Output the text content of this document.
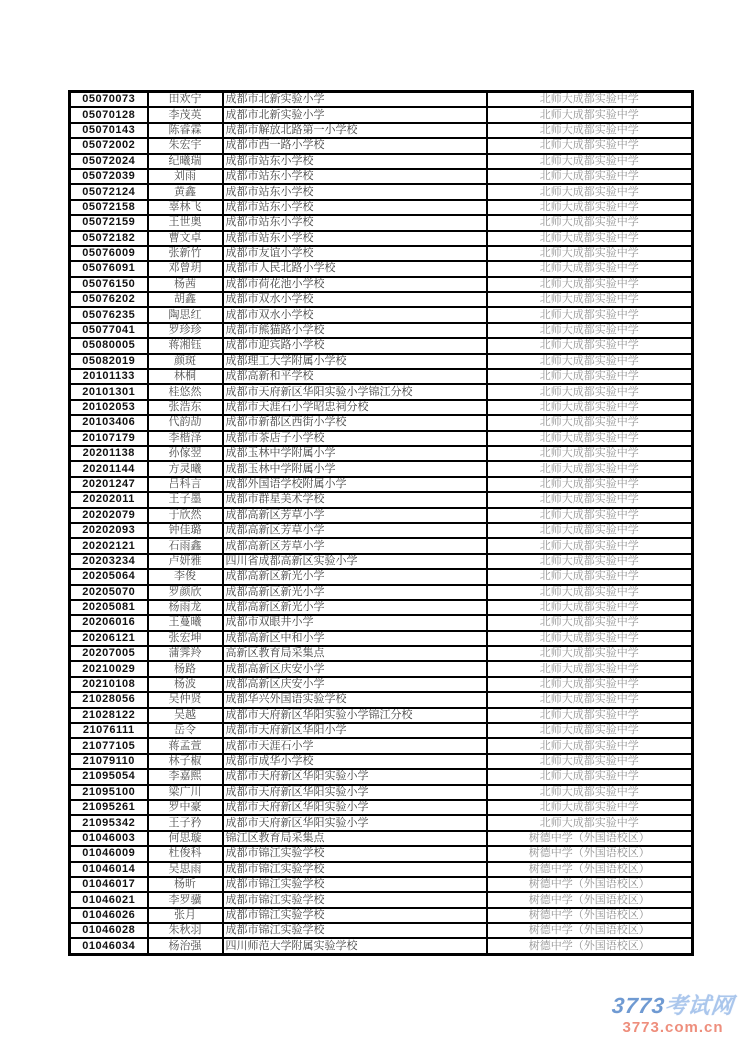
05070073	田欢宁	成都市北新实验小学	北师大成都实验中学
05070128	李茂英	成都市北新实验小学	北师大成都实验中学
05070143	陈睿霖	成都市解放北路第一小学校	北师大成都实验中学
05072002	朱宏宇	成都市西一路小学校	北师大成都实验中学
05072024	纪曦瑞	成都市站东小学校	北师大成都实验中学
05072039	刘雨	成都市站东小学校	北师大成都实验中学
05072124	黄鑫	成都市站东小学校	北师大成都实验中学
05072158	辜林飞	成都市站东小学校	北师大成都实验中学
05072159	王世奥	成都市站东小学校	北师大成都实验中学
05072182	曹文卓	成都市站东小学校	北师大成都实验中学
05076009	张新竹	成都市友谊小学校	北师大成都实验中学
05076091	邓曾玥	成都市人民北路小学校	北师大成都实验中学
05076150	杨茜	成都市荷花池小学校	北师大成都实验中学
05076202	胡鑫	成都市双水小学校	北师大成都实验中学
05076235	陶思红	成都市双水小学校	北师大成都实验中学
05077041	罗珍珍	成都市熊猫路小学校	北师大成都实验中学
05080005	蒋湘钰	成都市迎宾路小学校	北师大成都实验中学
05082019	颜斑	成都理工大学附属小学校	北师大成都实验中学
20101133	林桐	成都高新和平学校	北师大成都实验中学
20101301	桂悠然	成都市天府新区华阳实验小学锦江分校	北师大成都实验中学
20102053	张浩东	成都市天涯石小学昭忠祠分校	北师大成都实验中学
20103406	代韵劼	成都市新都区西街小学校	北师大成都实验中学
20107179	李楷泽	成都市茶店子小学校	北师大成都实验中学
20201138	孙傢翌	成都玉林中学附属小学	北师大成都实验中学
20201144	方灵曦	成都玉林中学附属小学	北师大成都实验中学
20201247	吕科言	成都外国语学校附属小学	北师大成都实验中学
20202011	王子墨	成都市群星美术学校	北师大成都实验中学
20202079	于欣然	成都高新区芳草小学	北师大成都实验中学
20202093	钟佳璐	成都高新区芳草小学	北师大成都实验中学
20202121	石雨鑫	成都高新区芳草小学	北师大成都实验中学
20203234	卢妍雅	四川省成都高新区实验小学	北师大成都实验中学
20205064	李俊	成都高新区新光小学	北师大成都实验中学
20205070	罗颜欣	成都高新区新光小学	北师大成都实验中学
20205081	杨雨龙	成都高新区新光小学	北师大成都实验中学
20206016	王蔓曦	成都市双眼井小学	北师大成都实验中学
20206121	张宏坤	成都高新区中和小学	北师大成都实验中学
20207005	蒲霁羚	高新区教育局采集点	北师大成都实验中学
20210029	杨路	成都高新区庆安小学	北师大成都实验中学
20210108	杨波	成都高新区庆安小学	北师大成都实验中学
21028056	吴仲贤	成都华兴外国语实验学校	北师大成都实验中学
21028122	吴越	成都市天府新区华阳实验小学锦江分校	北师大成都实验中学
21076111	岳令	成都市天府新区华阳小学	北师大成都实验中学
21077105	蒋孟萱	成都市天涯石小学	北师大成都实验中学
21079110	林子椒	成都市成华小学校	北师大成都实验中学
21095054	李嘉熙	成都市天府新区华阳实验小学	北师大成都实验中学
21095100	梁广川	成都市天府新区华阳实验小学	北师大成都实验中学
21095261	罗中豪	成都市天府新区华阳实验小学	北师大成都实验中学
21095342	王子矜	成都市天府新区华阳实验小学	北师大成都实验中学
01046003	何思璇	锦江区教育局采集点	树德中学（外国语校区）
01046009	杜俊科	成都市锦江实验学校	树德中学（外国语校区）
01046014	吴思雨	成都市锦江实验学校	树德中学（外国语校区）
01046017	杨昕	成都市锦江实验学校	树德中学（外国语校区）
01046021	李罗骥	成都市锦江实验学校	树德中学（外国语校区）
01046026	张月	成都市锦江实验学校	树德中学（外国语校区）
01046028	朱秋羽	成都市锦江实验学校	树德中学（外国语校区）
01046034	杨治强	四川师范大学附属实验学校	树德中学（外国语校区）
3773考试网
3773.com.cn
